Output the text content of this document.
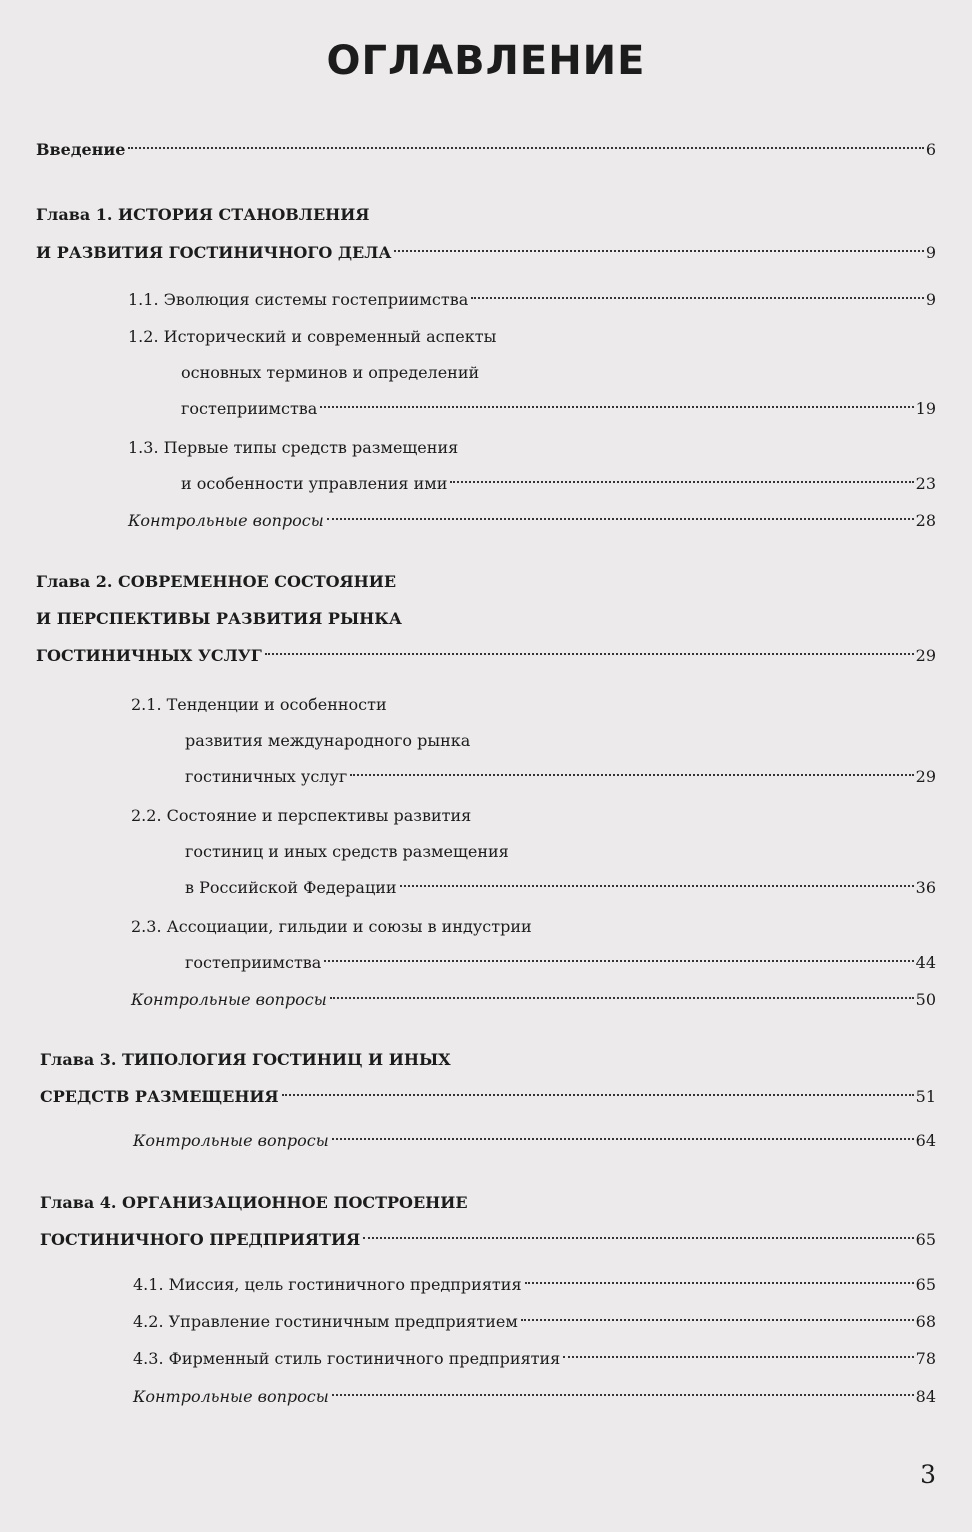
ОГЛАВЛЕНИЕ
Введение	6
Глава 1. ИСТОРИЯ СТАНОВЛЕНИЯ
И РАЗВИТИЯ ГОСТИНИЧНОГО ДЕЛА	9
1.1. Эволюция системы гостеприимства	9
1.2. Исторический и современный аспекты
основных терминов и определений
гостеприимства	19
1.3. Первые типы средств размещения
и особенности управления ими	23
Контрольные вопросы	28
Глава 2. СОВРЕМЕННОЕ СОСТОЯНИЕ
И ПЕРСПЕКТИВЫ РАЗВИТИЯ РЫНКА
ГОСТИНИЧНЫХ УСЛУГ	29
2.1. Тенденции и особенности
развития международного рынка
гостиничных услуг	29
2.2. Состояние и перспективы развития
гостиниц и иных средств размещения
в Российской Федерации	36
2.3. Ассоциации, гильдии и союзы в индустрии
гостеприимства	44
Контрольные вопросы	50
Глава 3. ТИПОЛОГИЯ ГОСТИНИЦ И ИНЫХ
СРЕДСТВ РАЗМЕЩЕНИЯ	51
Контрольные вопросы	64
Глава 4. ОРГАНИЗАЦИОННОЕ ПОСТРОЕНИЕ
ГОСТИНИЧНОГО ПРЕДПРИЯТИЯ	65
4.1. Миссия, цель гостиничного предприятия	65
4.2. Управление гостиничным предприятием	68
4.3. Фирменный стиль гостиничного предприятия	78
Контрольные вопросы	84
3
